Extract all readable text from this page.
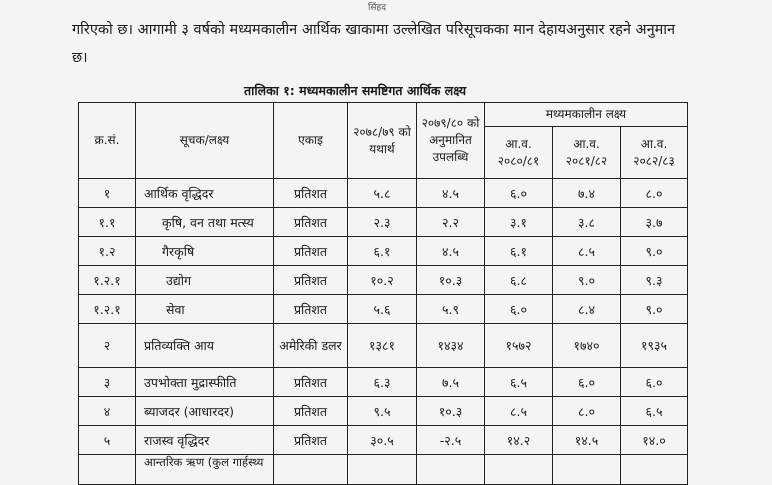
सिंहद
गरिएको छ। आगामी ३ वर्षको मध्यमकालीन आर्थिक खाकामा उल्लेखित परिसूचकका मान देहायअनुसार रहने अनुमान
छ।
तालिका १: मध्यमकालीन समष्टिगत आर्थिक लक्ष्य
क्र.सं.	सूचक/लक्ष्य	एकाइ	२०७८/७९ को यथार्थ	२०७९/८० को अनुमानित उपलब्धि	मध्यमकालीन लक्ष्य		
					आ.व. २०८०/८१	आ.व. २०८१/८२	आ.व. २०८२/८३
१	आर्थिक वृद्धिदर	प्रतिशत	५.८	४.५	६.०	७.४	८.०
१.१	कृषि, वन तथा मत्स्य	प्रतिशत	२.३	२.२	३.१	३.८	३.७
१.२	गैरकृषि	प्रतिशत	६.१	४.५	६.१	८.५	९.०
१.२.१	उद्योग	प्रतिशत	१०.२	१०.३	६.८	९.०	९.३
१.२.१	सेवा	प्रतिशत	५.६	५.९	६.०	८.४	९.०
२	प्रतिव्यक्ति आय	अमेरिकी डलर	१३८१	१४३४	१५७२	१७४०	१९३५
३	उपभोक्ता मुद्रास्फीति	प्रतिशत	६.३	७.५	६.५	६.०	६.०
४	ब्याजदर (आधारदर)	प्रतिशत	९.५	१०.३	८.५	८.०	६.५
५	राजस्व वृद्धिदर	प्रतिशत	३०.५	-२.५	१४.२	१४.५	१४.०

	आन्तरिक ऋण (कुल गार्हस्थ्य						
